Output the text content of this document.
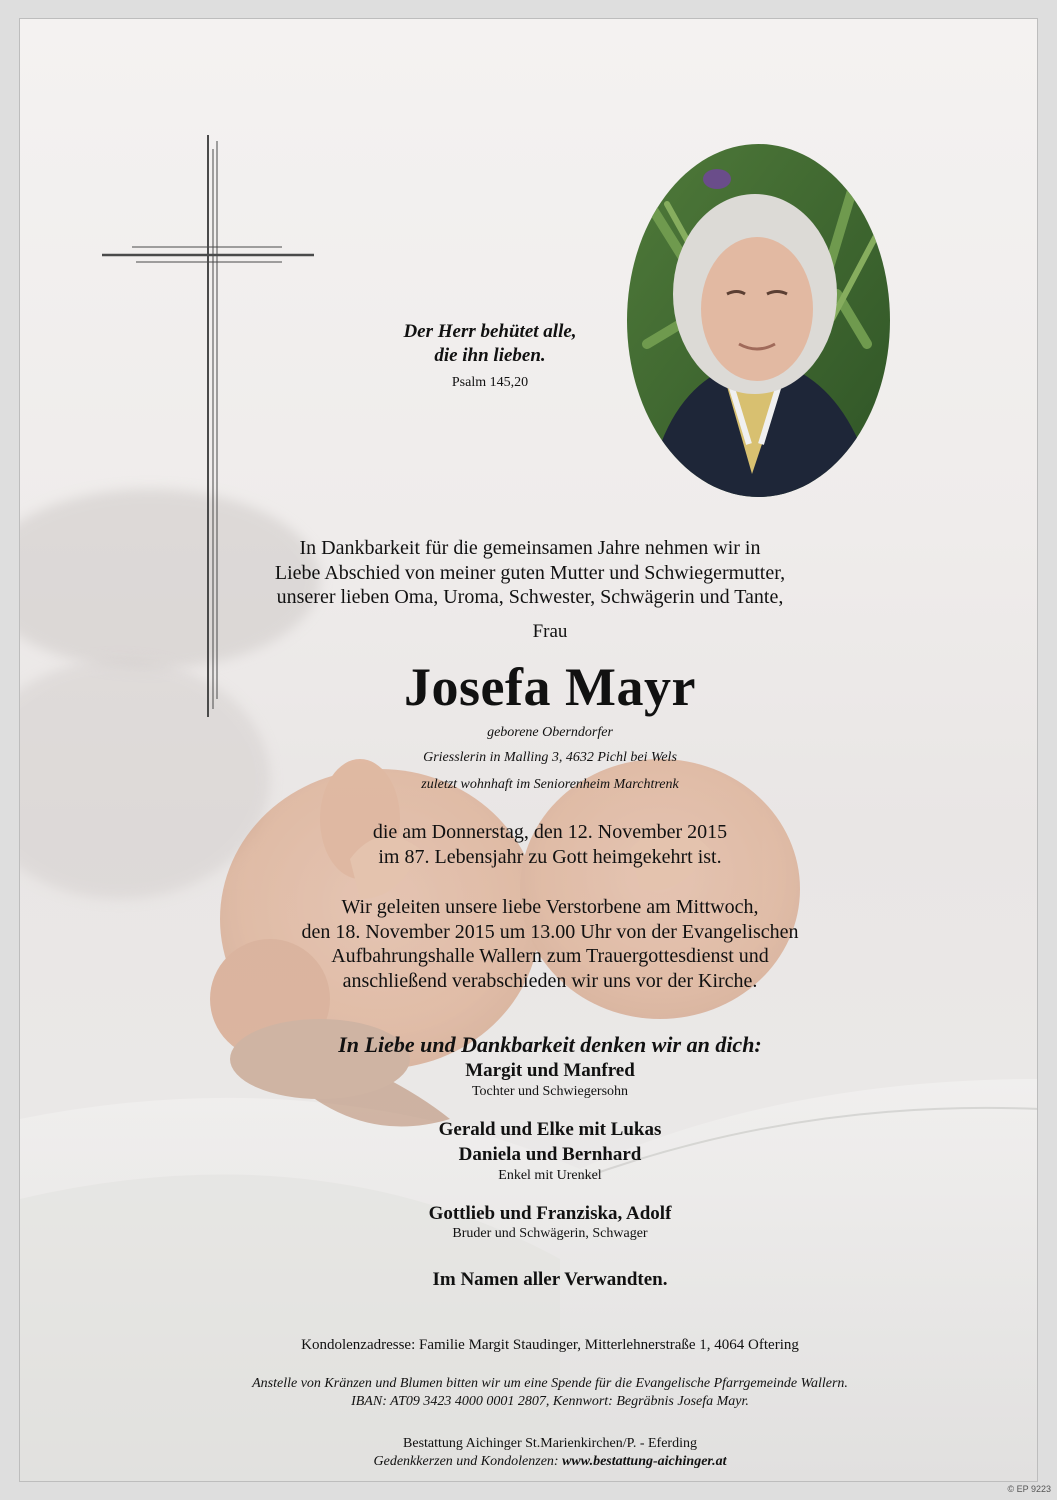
Der Herr behütet alle,
die ihn lieben.
Psalm 145,20
In Dankbarkeit für die gemeinsamen Jahre nehmen wir in
Liebe Abschied von meiner guten Mutter und Schwiegermutter,
unserer lieben Oma, Uroma, Schwester, Schwägerin und Tante,
Frau
Josefa Mayr
geborene Oberndorfer
Griesslerin in Malling 3, 4632 Pichl bei Wels
zuletzt wohnhaft im Seniorenheim Marchtrenk
die am Donnerstag, den 12. November 2015
im 87. Lebensjahr zu Gott heimgekehrt ist.
Wir geleiten unsere liebe Verstorbene am Mittwoch,
den 18. November 2015 um 13.00 Uhr von der Evangelischen
Aufbahrungshalle Wallern zum Trauergottesdienst und
anschließend verabschieden wir uns vor der Kirche.
In Liebe und Dankbarkeit denken wir an dich:
Margit und Manfred
Tochter und Schwiegersohn
Gerald und Elke mit Lukas
Daniela und Bernhard
Enkel mit Urenkel
Gottlieb und Franziska, Adolf
Bruder und Schwägerin, Schwager
Im Namen aller Verwandten.
Kondolenzadresse: Familie Margit Staudinger, Mitterlehnerstraße 1, 4064 Oftering
Anstelle von Kränzen und Blumen bitten wir um eine Spende für die Evangelische Pfarrgemeinde Wallern.
IBAN: AT09 3423 4000 0001 2807, Kennwort: Begräbnis Josefa Mayr.
Bestattung Aichinger St.Marienkirchen/P. - Eferding
Gedenkkerzen und Kondolenzen: www.bestattung-aichinger.at
© EP 9223
